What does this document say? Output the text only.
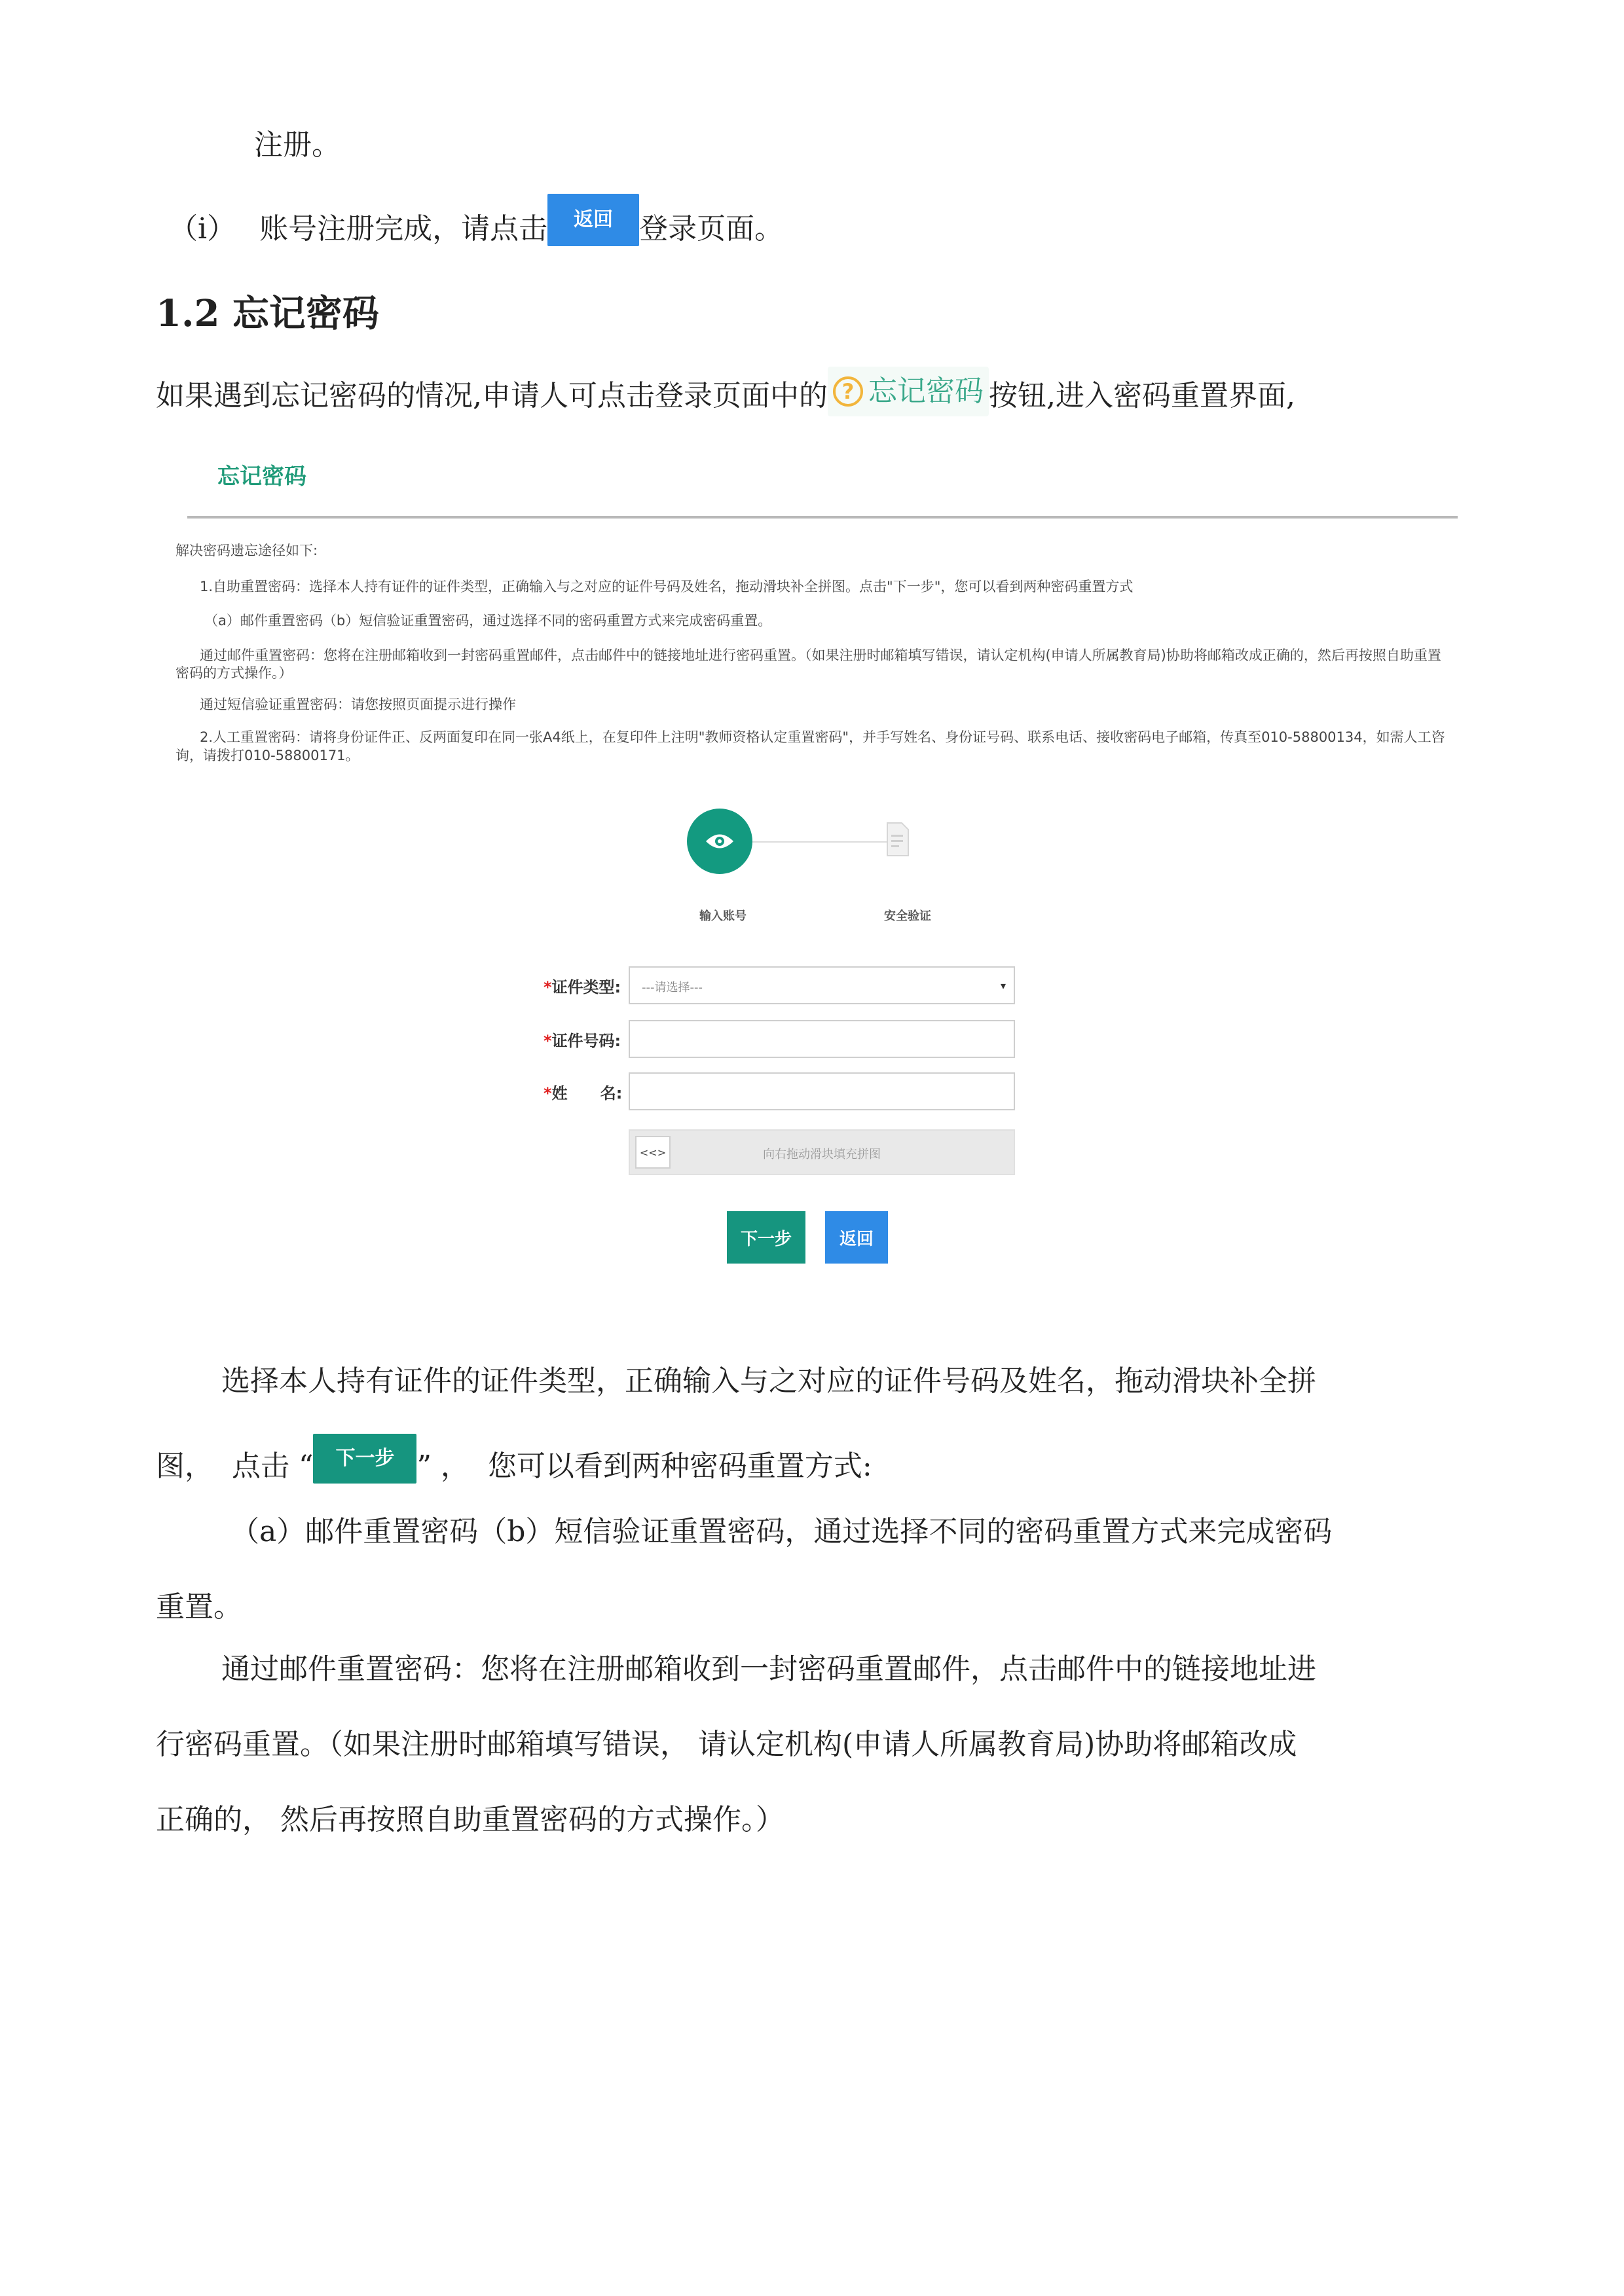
注册。
（i） 账号注册完成，请点击 返回 登录页面。
1.2 忘记密码
如果遇到忘记密码的情况,申请人可点击登录页面中的 ? 忘记密码 按钮,进入密码重置界面,
忘记密码
解决密码遗忘途径如下:
1.自助重置密码：选择本人持有证件的证件类型，正确输入与之对应的证件号码及姓名，拖动滑块补全拼图。点击"下一步"，您可以看到两种密码重置方式
（a）邮件重置密码（b）短信验证重置密码，通过选择不同的密码重置方式来完成密码重置。
通过邮件重置密码：您将在注册邮箱收到一封密码重置邮件，点击邮件中的链接地址进行密码重置。（如果注册时邮箱填写错误，请认定机构(申请人所属教育局)协助将邮箱改成正确的，然后再按照自助重置
密码的方式操作。）
通过短信验证重置密码：请您按照页面提示进行操作
2.人工重置密码：请将身份证件正、反两面复印在同一张A4纸上，在复印件上注明"教师资格认定重置密码"，并手写姓名、身份证号码、联系电话、接收密码电子邮箱，传真至010-58800134，如需人工咨
询，请拨打010-58800171。
输入账号	安全验证
*证件类型: ---请选择---	▾
*证件号码:
*姓      名:
向右拖动滑块填充拼图
<<>
下一步	返回
选择本人持有证件的证件类型，正确输入与之对应的证件号码及姓名，拖动滑块补全拼
图，  点击 “ 下一步 ” ，  您可以看到两种密码重置方式:
（a）邮件重置密码（b）短信验证重置密码，通过选择不同的密码重置方式来完成密码
重置。
通过邮件重置密码：您将在注册邮箱收到一封密码重置邮件，点击邮件中的链接地址进
行密码重置。（如果注册时邮箱填写错误， 请认定机构(申请人所属教育局)协助将邮箱改成
正确的， 然后再按照自助重置密码的方式操作。）
